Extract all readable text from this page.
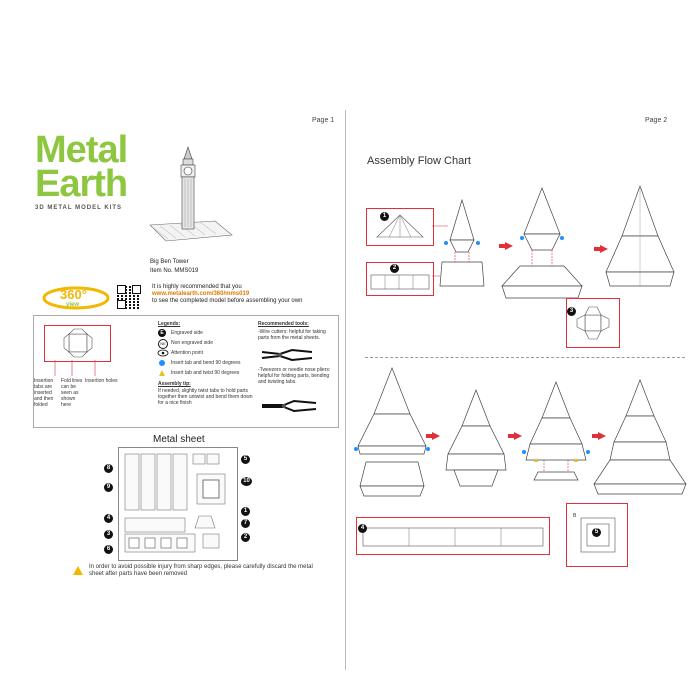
Page 1
Metal
Earth
3D METAL MODEL KITS
Big Ben Tower
Item No. MMS019
360°
view
It is highly recommended that you
www.metalearth.com/360/mms019
to see the completed model before assembling your own
Insertion tabs are inserted and then folded
Fold lines can be seen as shown here
Insertion holes
Legends:
E	Engraved side
NE	Non engraved side
Attention point
Insert tab and bend 90 degrees
Insert tab and twist 90 degrees
Assembly tip:
If needed, slightly twist tabs to hold parts together then untwist and bend them down for a nice finish
Recommended tools:
-Wire cutters: helpful for taking parts from the metal sheets.
-Tweezers or needle nose pliers: helpful for folding parts, bending and twisting tabs.
Metal sheet
8
9
4
3
6
5
10
1
7
2
In order to avoid possible injury from sharp edges, please carefully discard the metal sheet after parts have been removed
Page 2
Assembly Flow Chart
1
2
3
4
B
5
